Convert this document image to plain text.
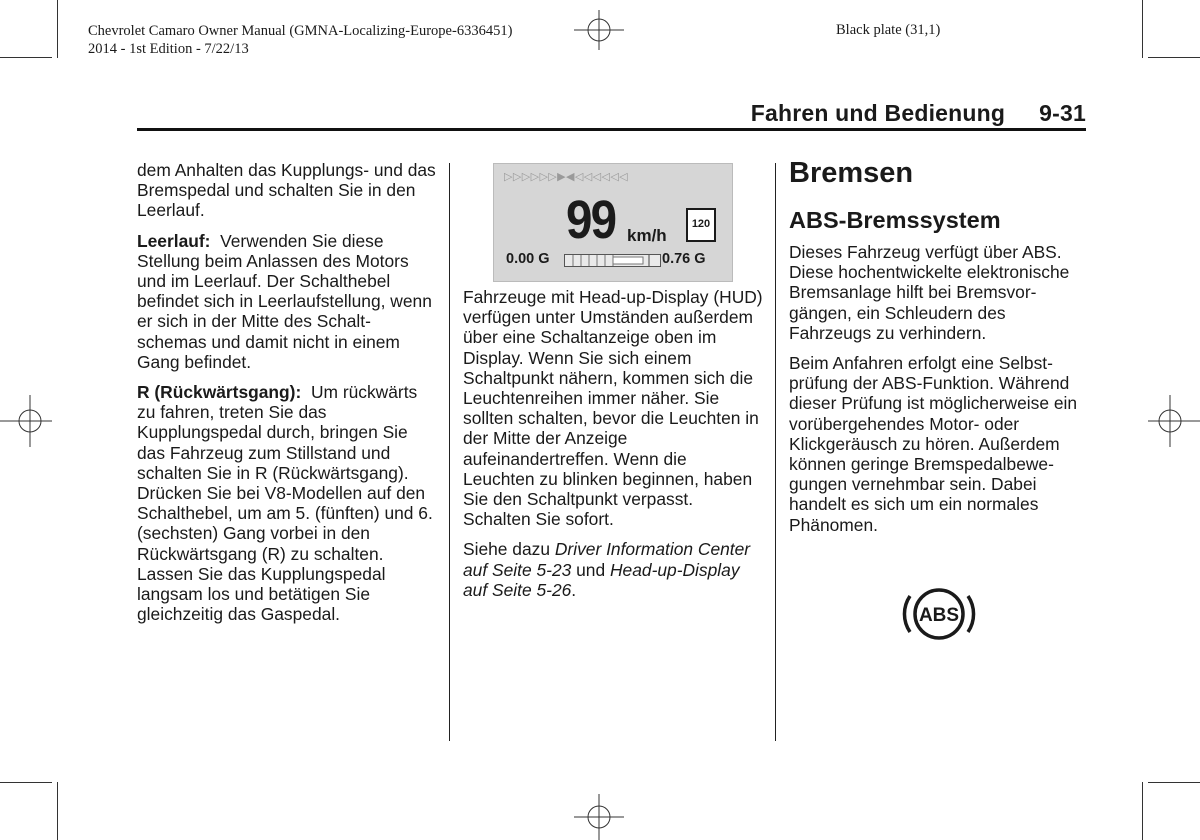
Chevrolet Camaro Owner Manual (GMNA-Localizing-Europe-6336451)
2014 - 1st Edition - 7/22/13
Black plate (31,1)
Fahren und Bedienung 9-31

dem Anhalten das Kupplungs- und das Bremspedal und schalten Sie in den Leerlauf.

Leerlauf: Verwenden Sie diese Stellung beim Anlassen des Motors und im Leerlauf. Der Schalthebel befindet sich in Leerlaufstellung, wenn er sich in der Mitte des Schalt-schemas und damit nicht in einem Gang befindet.

R (Rückwärtsgang): Um rückwärts zu fahren, treten Sie das Kupplungspedal durch, bringen Sie das Fahrzeug zum Stillstand und schalten Sie in R (Rückwärtsgang). Drücken Sie bei V8-Modellen auf den Schalthebel, um am 5. (fünften) und 6. (sechsten) Gang vorbei in den Rückwärtsgang (R) zu schalten. Lassen Sie das Kupplungspedal langsam los und betätigen Sie gleichzeitig das Gaspedal.

▷▷▷▷▷▷▶◀◁◁◁◁◁◁
99 km/h
120
0.00 G	0.76 G

Fahrzeuge mit Head-up-Display (HUD) verfügen unter Umständen außerdem über eine Schaltanzeige oben im Display. Wenn Sie sich einem Schaltpunkt nähern, kommen sich die Leuchtenreihen immer näher. Sie sollten schalten, bevor die Leuchten in der Mitte der Anzeige aufeinandertreffen. Wenn die Leuchten zu blinken beginnen, haben Sie den Schaltpunkt verpasst. Schalten Sie sofort.

Siehe dazu Driver Information Center auf Seite 5-23 und Head-up-Display auf Seite 5-26.

Bremsen
ABS-Bremssystem

Dieses Fahrzeug verfügt über ABS. Diese hochentwickelte elektronische Bremsanlage hilft bei Bremsvor-gängen, ein Schleudern des Fahrzeugs zu verhindern.

Beim Anfahren erfolgt eine Selbst-prüfung der ABS-Funktion. Während dieser Prüfung ist möglicherweise ein vorübergehendes Motor- oder Klickgeräusch zu hören. Außerdem können geringe Bremspedalbewe-gungen vernehmbar sein. Dabei handelt es sich um ein normales Phänomen.

ABS
